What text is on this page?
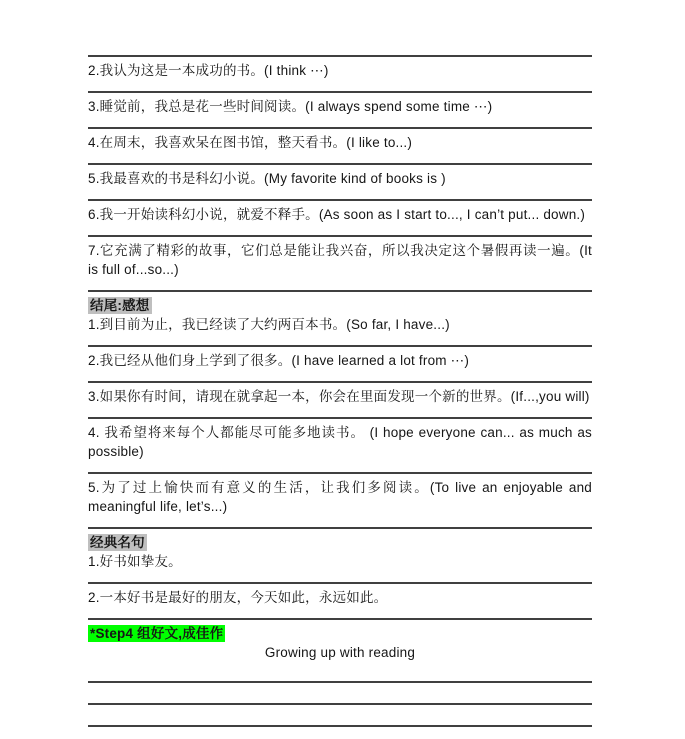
2.我认为这是一本成功的书。(I think ⋯)

3.睡觉前，我总是花一些时间阅读。(I always spend some time ⋯)

4.在周末，我喜欢呆在图书馆，整天看书。(I like to...)

5.我最喜欢的书是科幻小说。(My favorite kind of books is )

6.我一开始读科幻小说，就爱不释手。(As soon as I start to..., I can’t put... down.)

7.它充满了精彩的故事，它们总是能让我兴奋，所以我决定这个暑假再读一遍。(It is full of...so...)

结尾:感想

1.到目前为止，我已经读了大约两百本书。(So far, I have...)

2.我已经从他们身上学到了很多。(I have learned a lot from ⋯)

3.如果你有时间，请现在就拿起一本，你会在里面发现一个新的世界。(If...,you will)

4. 我希望将来每个人都能尽可能多地读书。 (I hope everyone can... as much as possible)

5.为了过上愉快而有意义的生活，让我们多阅读。(To live an enjoyable and meaningful life, let’s...)

经典名句

1.好书如挚友。

2.一本好书是最好的朋友，今天如此，永远如此。

*Step4 组好文,成佳作

Growing up with reading
